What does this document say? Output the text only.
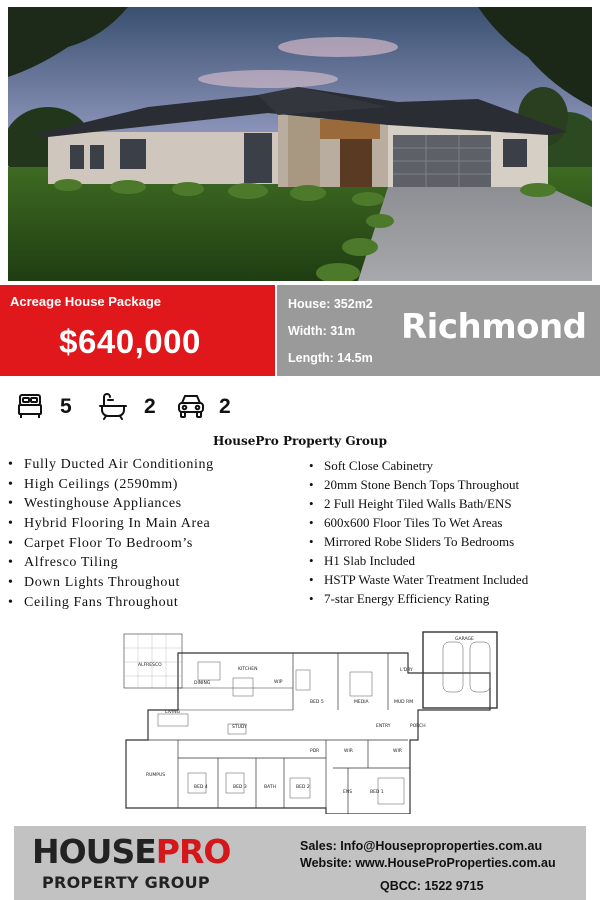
Acreage House Package
$640,000
House: 352m2
Width: 31m
Length: 14.5m
Richmond
5	2	2
HousePro Property Group
• Fully Ducted Air Conditioning
• High Ceilings (2590mm)
• Westinghouse Appliances
• Hybrid Flooring In Main Area
• Carpet Floor To Bedroom’s
• Alfresco Tiling
• Down Lights Throughout
• Ceiling Fans Throughout
• Soft Close Cabinetry
• 20mm Stone Bench Tops Throughout
• 2 Full Height Tiled Walls Bath/ENS
• 600x600 Floor Tiles To Wet Areas
• Mirrored Robe Sliders To Bedrooms
• H1 Slab Included
• HSTP Waste Water Treatment Included
• 7-star Energy Efficiency Rating
ALFRESCO
KITCHEN
DINING	WIP
BED 5	MEDIA
L'DRY
MUD RM
GARAGE
LIVING
STUDY	ENTRY	PORCH
RUMPUS
PDR	WIR	WIR
BED 4	BED 3	BATH	BED 2
ENS	BED 1
HOUSEPRO
PROPERTY GROUP
Sales: Info@Houseproproperties.com.au
Website: www.HouseProProperties.com.au
QBCC: 1522 9715
